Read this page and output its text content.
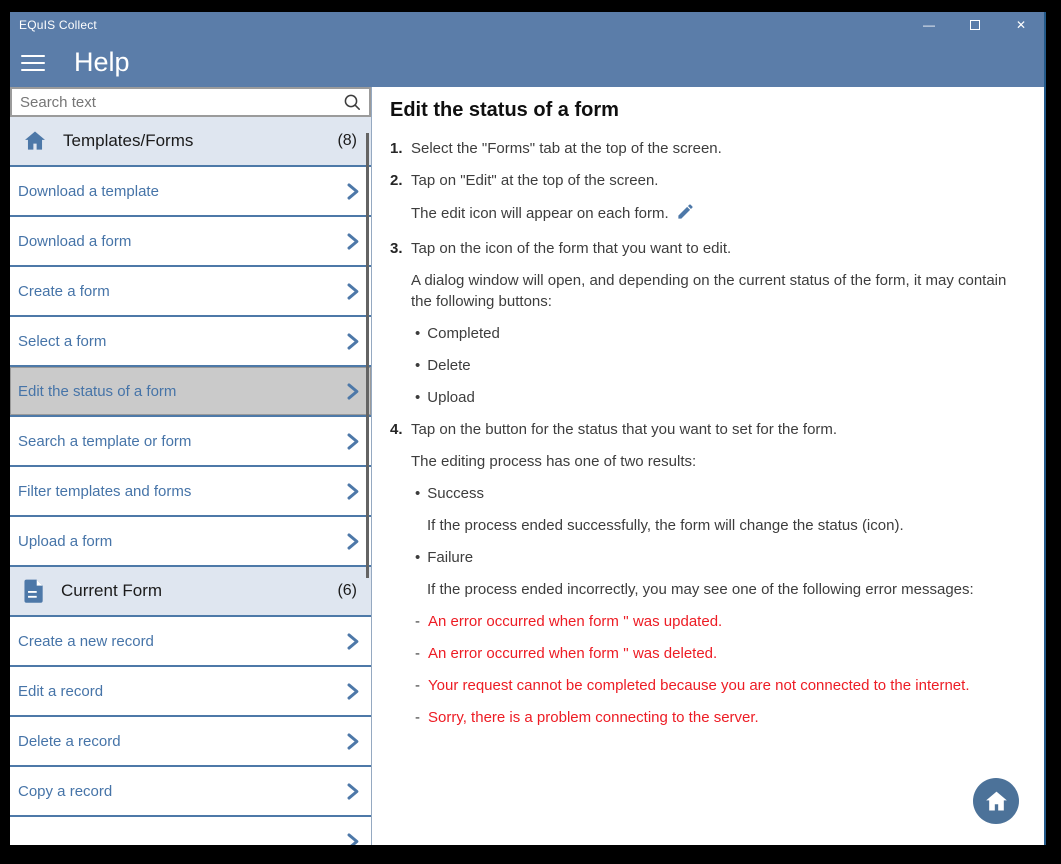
EQuIS Collect	—	✕
Help
Search text
Templates/Forms	(8)
Download a template
Download a form
Create a form
Select a form
Edit the status of a form
Search a template or form
Filter templates and forms
Upload a form
Current Form	(6)
Create a new record
Edit a record
Delete a record
Copy a record
Edit the status of a form
1. Select the "Forms" tab at the top of the screen.
2. Tap on "Edit" at the top of the screen.
The edit icon will appear on each form.
3. Tap on the icon of the form that you want to edit.
A dialog window will open, and depending on the current status of the form, it may contain the following buttons:
• Completed
• Delete
• Upload
4. Tap on the button for the status that you want to set for the form.
The editing process has one of two results:
• Success
If the process ended successfully, the form will change the status (icon).
• Failure
If the process ended incorrectly, you may see one of the following error messages:
- An error occurred when form '' was updated.
- An error occurred when form '' was deleted.
- Your request cannot be completed because you are not connected to the internet.
- Sorry, there is a problem connecting to the server.
